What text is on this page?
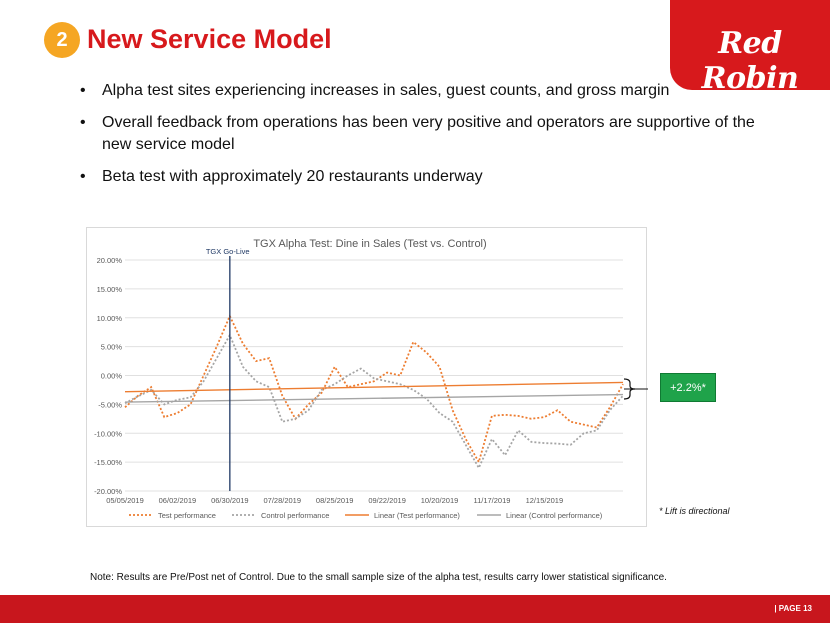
2 New Service Model	Red Robin
GOURMET BURGERS AND BREWS
• Alpha test sites experiencing increases in sales, guest counts, and gross margin
• Overall feedback from operations has been very positive and operators are supportive of the new service model
• Beta test with approximately 20 restaurants underway
TGX Alpha Test: Dine in Sales (Test vs. Control)
20.00%
15.00%
10.00%
5.00%
0.00%
-5.00%
-10.00%
-15.00%
-20.00%
05/05/2019 06/02/2019 06/30/2019 07/28/2019 08/25/2019 09/22/2019 10/20/2019 11/17/2019 12/15/2019
TGX Go-Live
Test performance	Control performance	Linear (Test performance)	Linear (Control performance)
+2.2%*
* Lift is directional
Note: Results are Pre/Post net of Control. Due to the small sample size of the alpha test, results carry lower statistical significance.
| PAGE 13
